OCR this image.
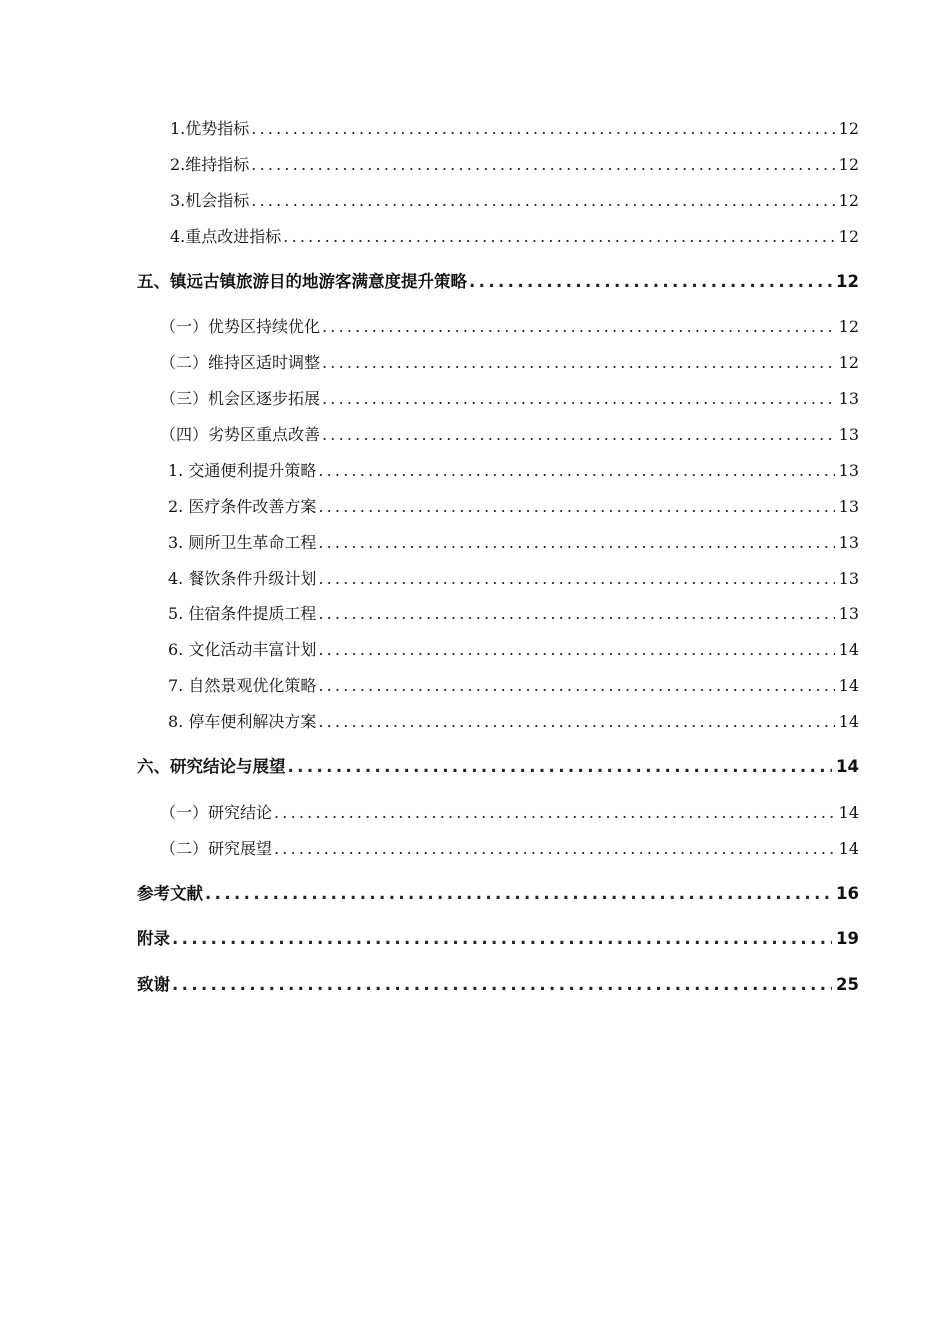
1.优势指标 .....	12
2.维持指标 .....	12
3.机会指标 .....	12
4.重点改进指标 .....	12
五、镇远古镇旅游目的地游客满意度提升策略 .....	12
（一）优势区持续优化 .....	12
（二）维持区适时调整 .....	12
（三）机会区逐步拓展 .....	13
（四）劣势区重点改善 .....	13
1. 交通便利提升策略 .....	13
2. 医疗条件改善方案 .....	13
3. 厕所卫生革命工程 .....	13
4. 餐饮条件升级计划 .....	13
5. 住宿条件提质工程 .....	13
6. 文化活动丰富计划 .....	14
7. 自然景观优化策略 .....	14
8. 停车便利解决方案 .....	14
六、研究结论与展望 .....	14
（一）研究结论 .....	14
（二）研究展望 .....	14
参考文献 .....	16
附录 .....	19
致谢 .....	25
